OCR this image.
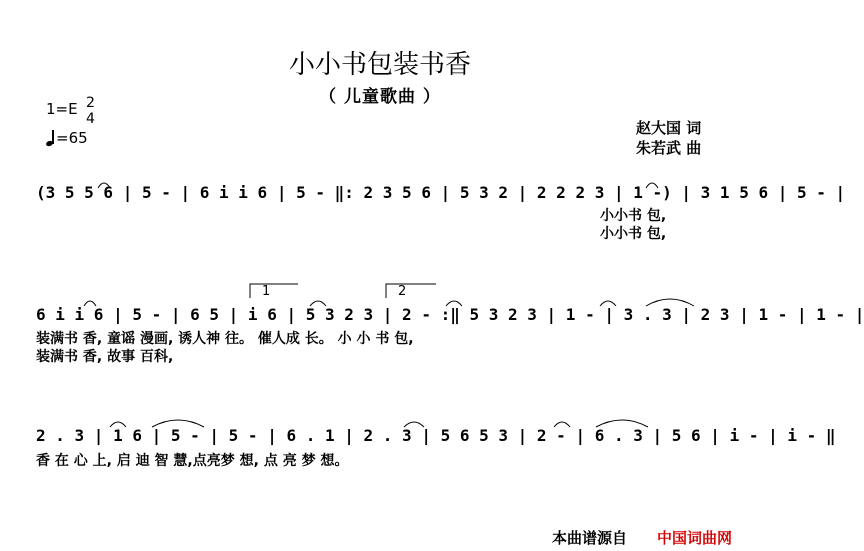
小小书包装书香
（ 儿童歌曲 ）
1=E 2
4
=65
赵大国 词
朱若武 曲
(3 5 5 6 | 5 - | 6 i i 6 | 5 - ‖: 2 3 5 6 | 5 3 2 | 2 2 2 3 | 1 -) | 3 1 5 6 | 5 - |
小小书 包,
小小书 包,
1	2
6 i i 6 | 5 - | 6 5 | i 6 | 5 3 2 3 | 2 - :‖ 5 3 2 3 | 1 - | 3 . 3 | 2 3 | 1 - | 1 - |
装满书 香, 童谣 漫画, 诱人神 往。 催人成 长。 小 小 书 包,
装满书 香, 故事 百科,
2 . 3 | 1 6 | 5 - | 5 - | 6 . 1 | 2 . 3 | 5 6 5 3 | 2 - | 6 . 3 | 5 6 | i - | i - ‖
香 在 心 上, 启 迪 智 慧,点亮梦 想, 点 亮 梦 想。
本曲谱源自 中国词曲网
